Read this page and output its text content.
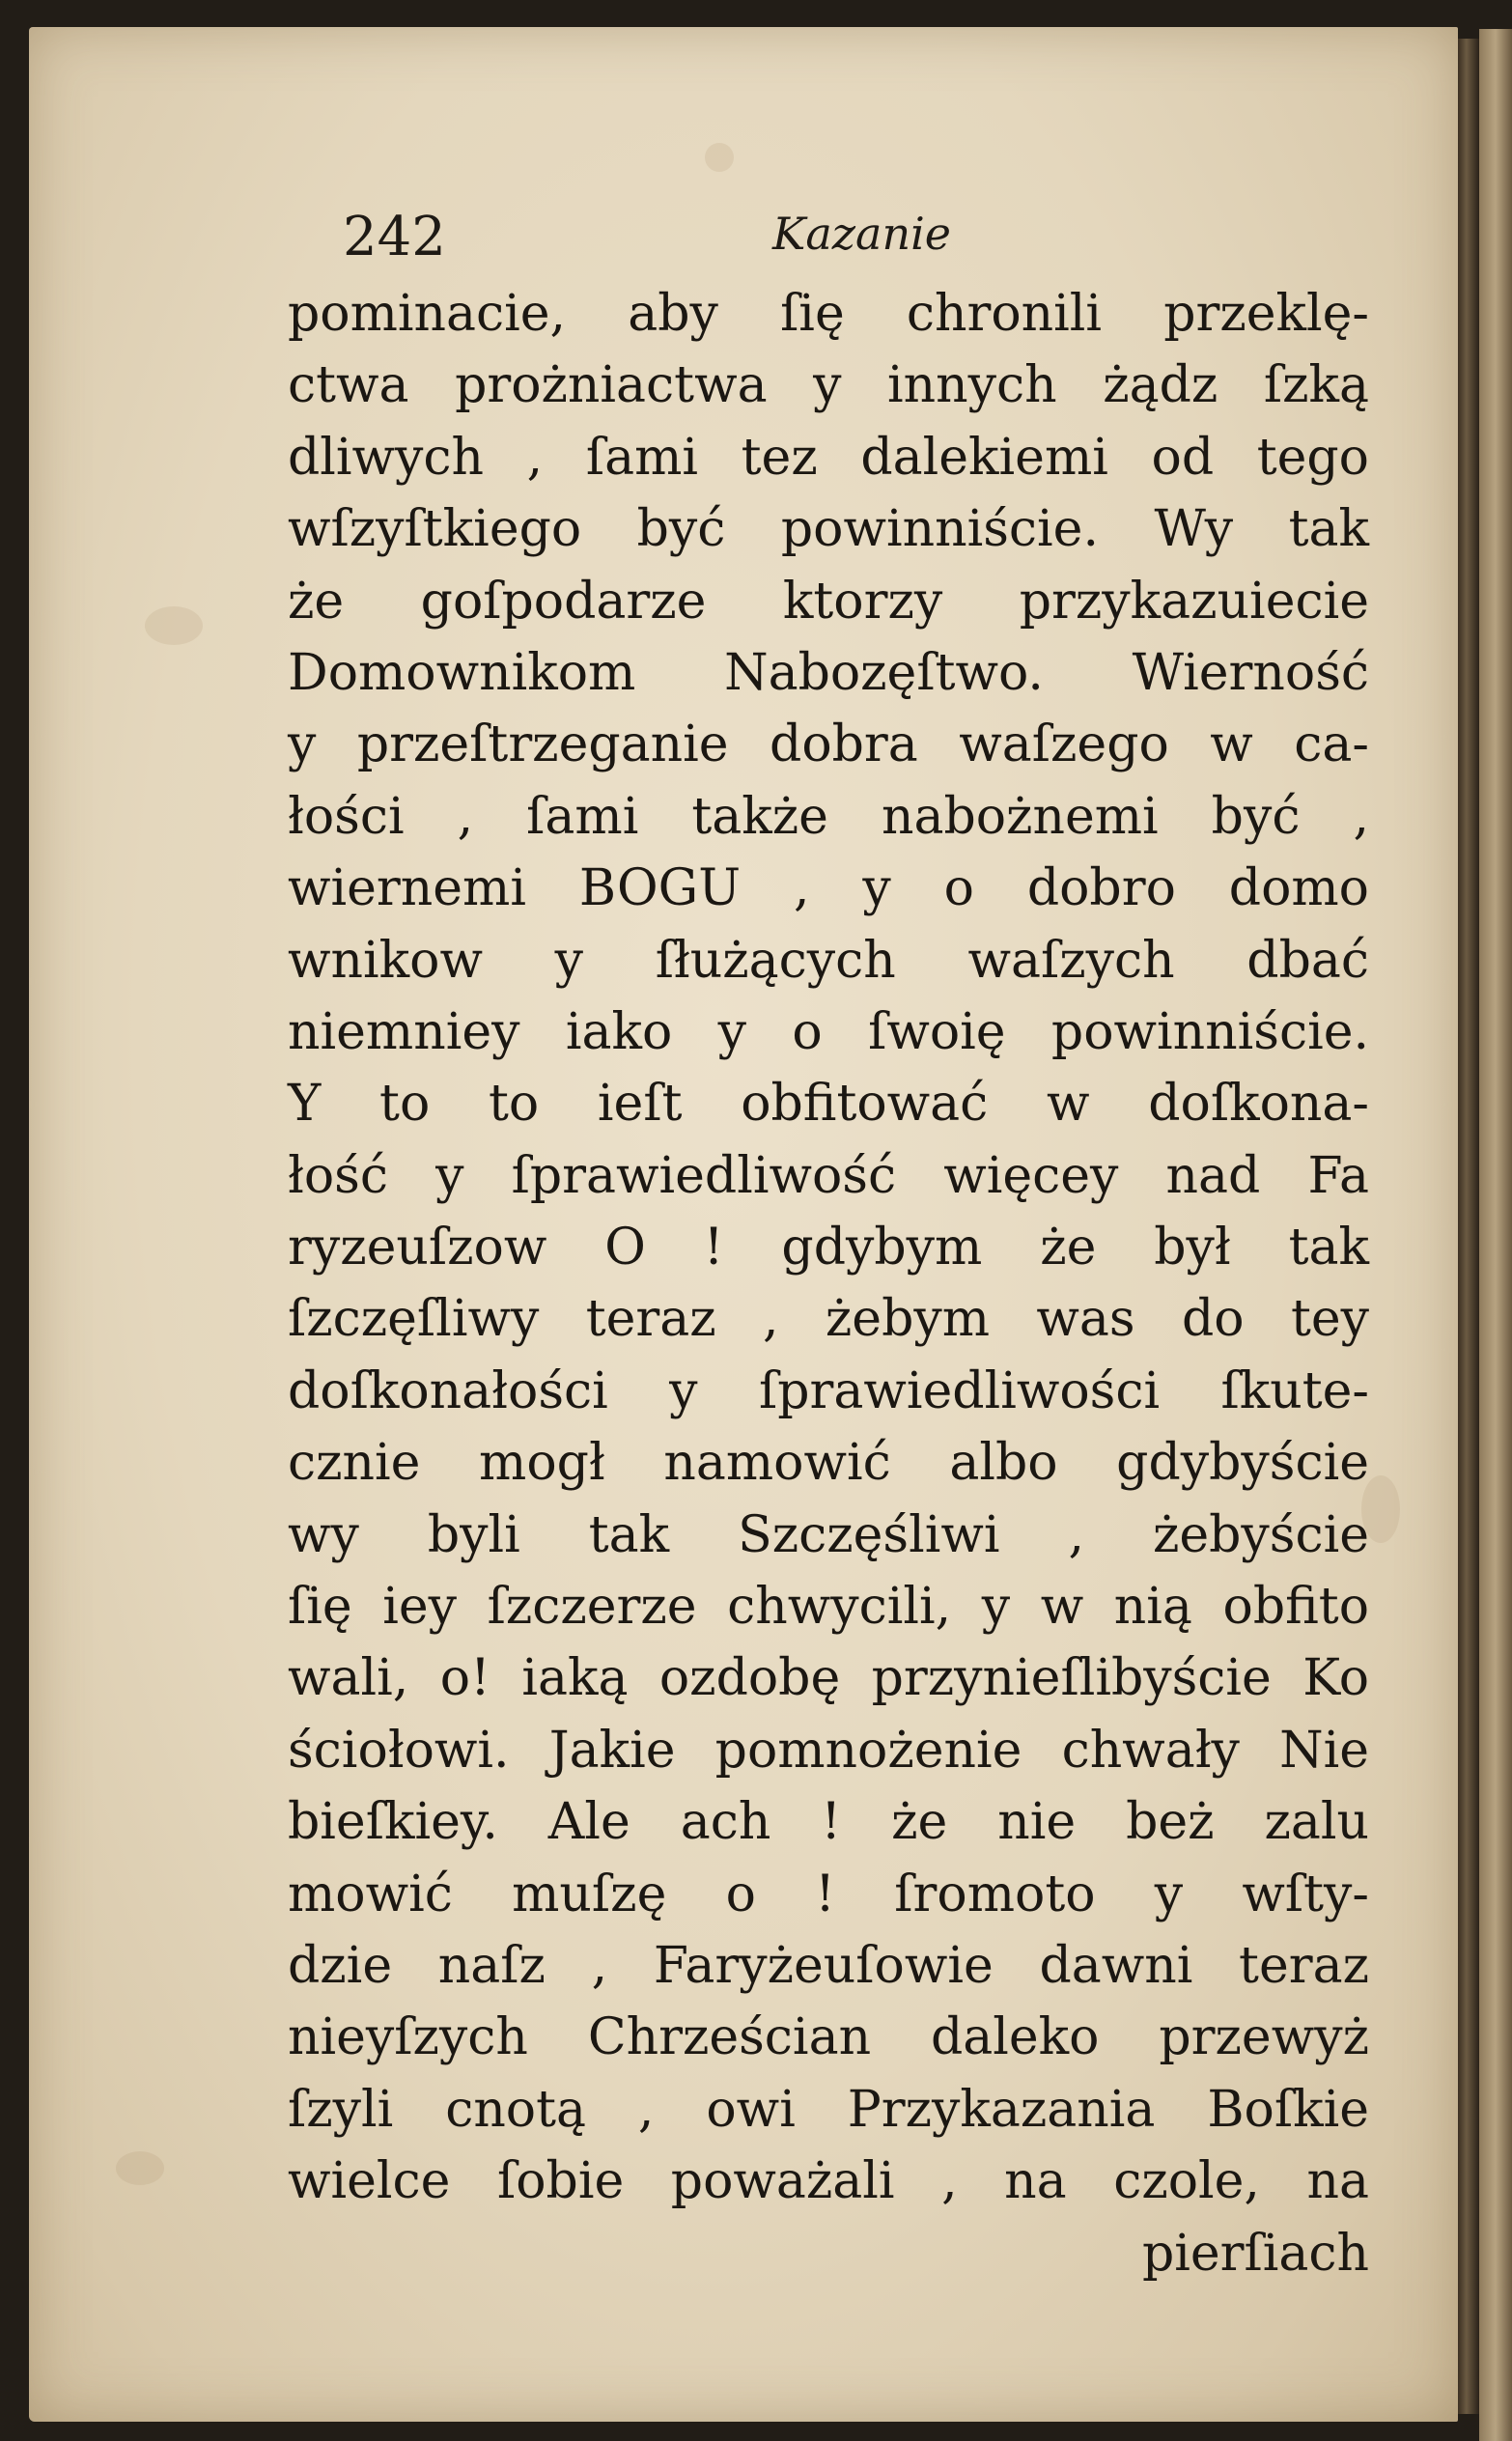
242	Kazanie
pominacie, aby ſię chronili przeklę-
ctwa prożniactwa y innych żądz ſzką
dliwych , ſami tez dalekiemi od tego
wſzyſtkiego być powinniście. Wy tak
że goſpodarze ktorzy przykazuiecie
Domownikom Nabozęſtwo. Wierność
y przeſtrzeganie dobra waſzego w ca-
łości , ſami także nabożnemi być ,
wiernemi BOGU , y o dobro domo
wnikow y ſłużących waſzych dbać
niemniey iako y o ſwoię powinniście.
Y to to ieſt obfitować w doſkona-
łość y ſprawiedliwość więcey nad Fa
ryzeuſzow O ! gdybym że był tak
ſzczęſliwy teraz , żebym was do tey
doſkonałości y ſprawiedliwości ſkute-
cznie mogł namowić albo gdybyście
wy byli tak Szczęśliwi , żebyście
ſię iey ſzczerze chwycili, y w nią obfito
wali, o! iaką ozdobę przynieſlibyście Ko
ściołowi. Jakie pomnożenie chwały Nie
bieſkiey. Ale ach ! że nie beż zalu
mowić muſzę o ! ſromoto y wſty-
dzie naſz , Faryżeuſowie dawni teraz
nieyſzych Chrześcian daleko przewyż
ſzyli cnotą , owi Przykazania Boſkie
wielce ſobie poważali , na czole, na
pierſiach
